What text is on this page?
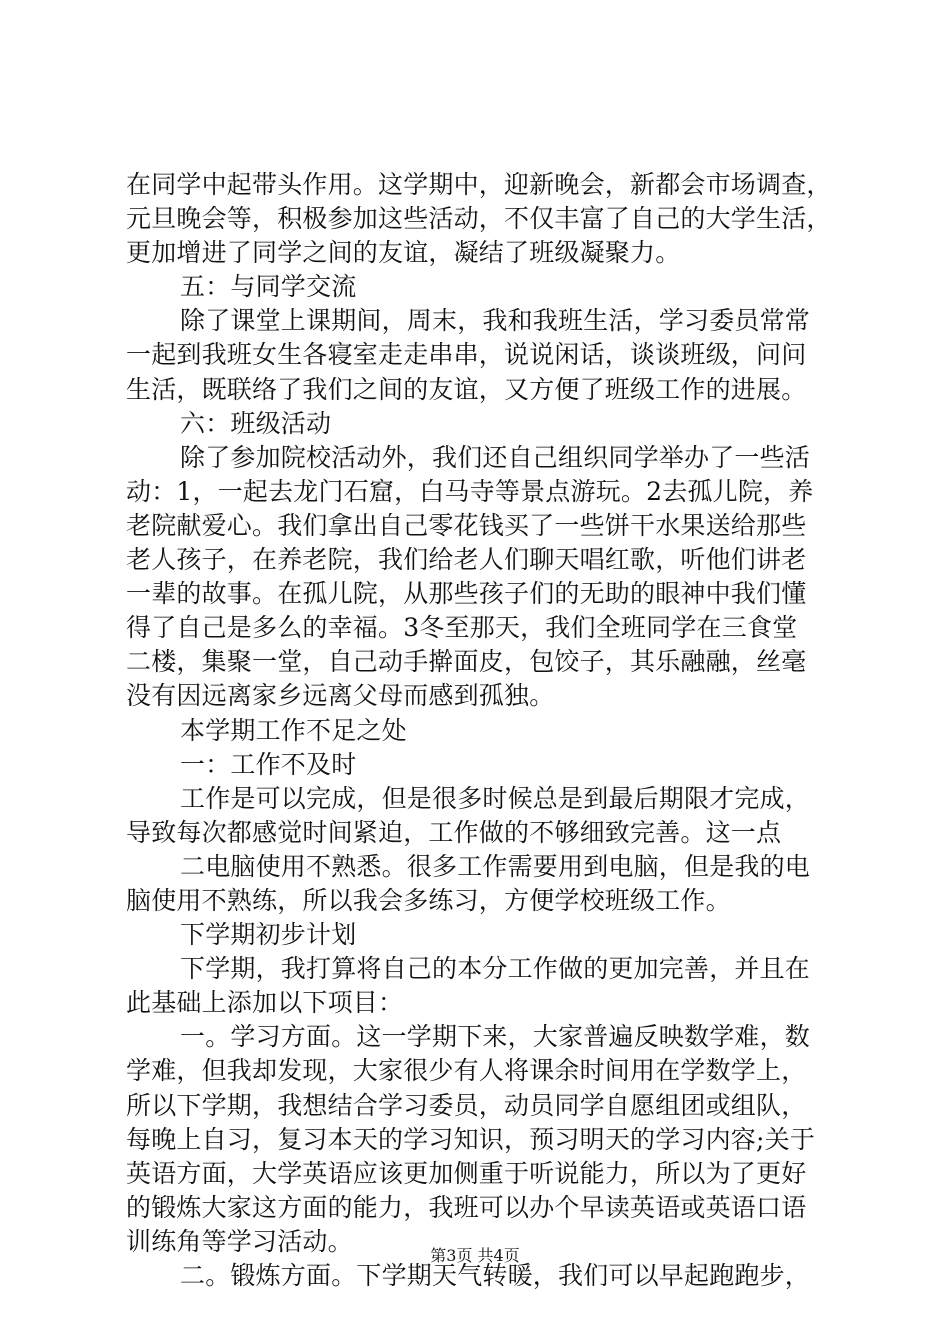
在同学中起带头作用。这学期中，迎新晚会，新都会市场调查，
元旦晚会等，积极参加这些活动，不仅丰富了自己的大学生活，
更加增进了同学之间的友谊，凝结了班级凝聚力。
五：与同学交流
除了课堂上课期间，周末，我和我班生活，学习委员常常
一起到我班女生各寝室走走串串，说说闲话，谈谈班级，问问
生活，既联络了我们之间的友谊，又方便了班级工作的进展。
六：班级活动
除了参加院校活动外，我们还自己组织同学举办了一些活
动：1，一起去龙门石窟，白马寺等景点游玩。2去孤儿院，养
老院献爱心。我们拿出自己零花钱买了一些饼干水果送给那些
老人孩子，在养老院，我们给老人们聊天唱红歌，听他们讲老
一辈的故事。在孤儿院，从那些孩子们的无助的眼神中我们懂
得了自己是多么的幸福。3冬至那天，我们全班同学在三食堂
二楼，集聚一堂，自己动手擀面皮，包饺子，其乐融融，丝毫
没有因远离家乡远离父母而感到孤独。
本学期工作不足之处
一：工作不及时
工作是可以完成，但是很多时候总是到最后期限才完成，
导致每次都感觉时间紧迫，工作做的不够细致完善。这一点
二电脑使用不熟悉。很多工作需要用到电脑，但是我的电
脑使用不熟练，所以我会多练习，方便学校班级工作。
下学期初步计划
下学期，我打算将自己的本分工作做的更加完善，并且在
此基础上添加以下项目：
一。学习方面。这一学期下来，大家普遍反映数学难，数
学难，但我却发现，大家很少有人将课余时间用在学数学上，
所以下学期，我想结合学习委员，动员同学自愿组团或组队，
每晚上自习，复习本天的学习知识，预习明天的学习内容;关于
英语方面，大学英语应该更加侧重于听说能力，所以为了更好
的锻炼大家这方面的能力，我班可以办个早读英语或英语口语
训练角等学习活动。
二。锻炼方面。下学期天气转暖，我们可以早起跑跑步，
第3页 共4页
